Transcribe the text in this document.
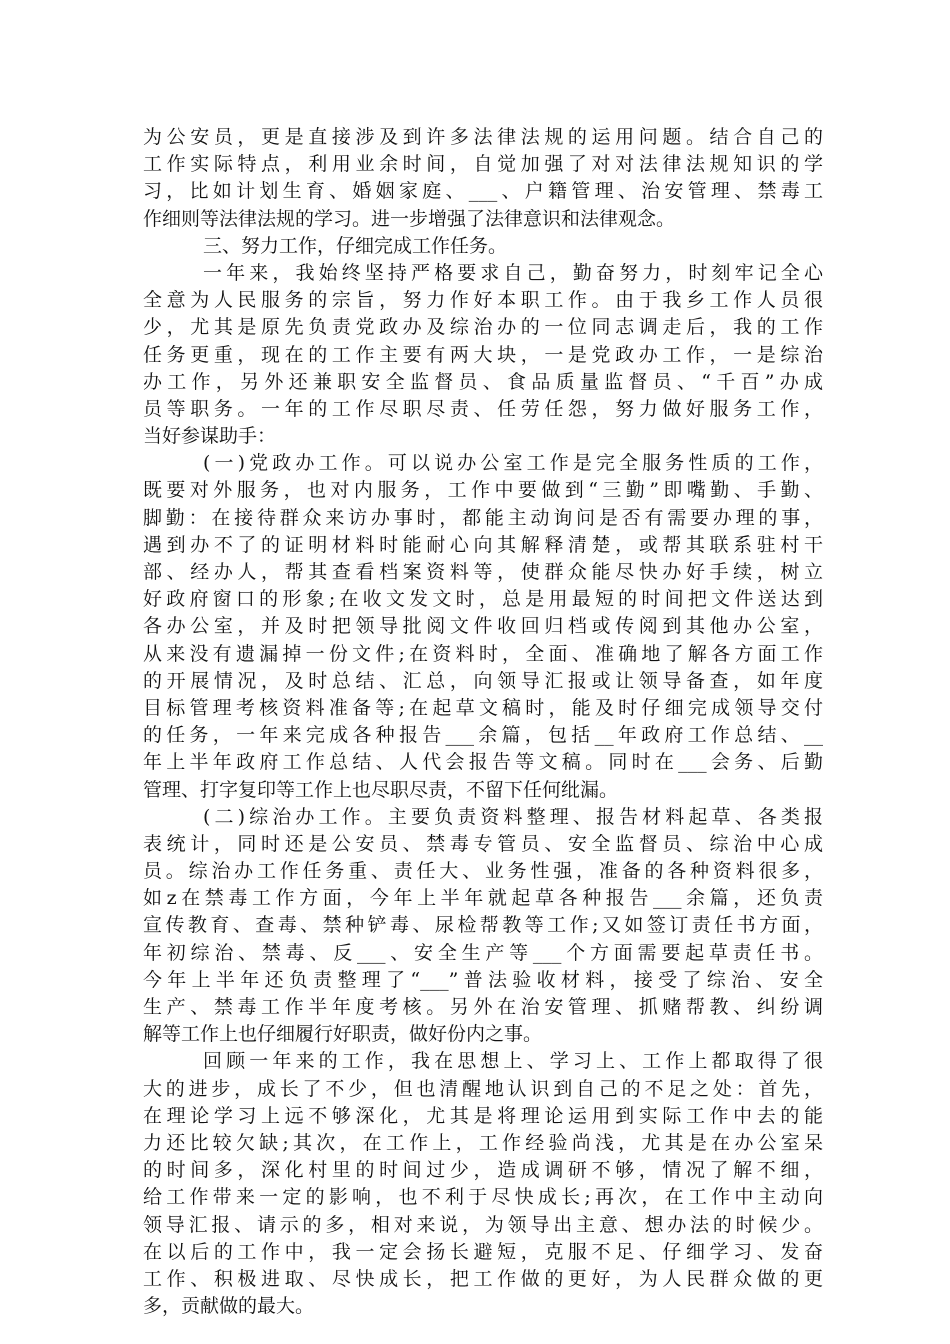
为公安员，更是直接涉及到许多法律法规的运用问题。结合自己的
工作实际特点，利用业余时间，自觉加强了对对法律法规知识的学
习，比如计划生育、婚姻家庭、___、户籍管理、治安管理、禁毒工
作细则等法律法规的学习。进一步增强了法律意识和法律观念。
三、努力工作，仔细完成工作任务。
一年来，我始终坚持严格要求自己，勤奋努力，时刻牢记全心
全意为人民服务的宗旨，努力作好本职工作。由于我乡工作人员很
少，尤其是原先负责党政办及综治办的一位同志调走后，我的工作
任务更重，现在的工作主要有两大块，一是党政办工作，一是综治
办工作，另外还兼职安全监督员、食品质量监督员、“千百”办成
员等职务。一年的工作尽职尽责、任劳任怨，努力做好服务工作，
当好参谋助手：
(一)党政办工作。可以说办公室工作是完全服务性质的工作，
既要对外服务，也对内服务，工作中要做到“三勤”即嘴勤、手勤、
脚勤：在接待群众来访办事时，都能主动询问是否有需要办理的事，
遇到办不了的证明材料时能耐心向其解释清楚，或帮其联系驻村干
部、经办人，帮其查看档案资料等，使群众能尽快办好手续，树立
好政府窗口的形象;在收文发文时，总是用最短的时间把文件送达到
各办公室，并及时把领导批阅文件收回归档或传阅到其他办公室，
从来没有遗漏掉一份文件;在资料时，全面、准确地了解各方面工作
的开展情况，及时总结、汇总，向领导汇报或让领导备查，如年度
目标管理考核资料准备等;在起草文稿时，能及时仔细完成领导交付
的任务，一年来完成各种报告___余篇，包括__年政府工作总结、__
年上半年政府工作总结、人代会报告等文稿。同时在___会务、后勤
管理、打字复印等工作上也尽职尽责，不留下任何纰漏。
(二)综治办工作。主要负责资料整理、报告材料起草、各类报
表统计，同时还是公安员、禁毒专管员、安全监督员、综治中心成
员。综治办工作任务重、责任大、业务性强，准备的各种资料很多，
如z在禁毒工作方面，今年上半年就起草各种报告___余篇，还负责
宣传教育、查毒、禁种铲毒、尿检帮教等工作;又如签订责任书方面，
年初综治、禁毒、反___、安全生产等___个方面需要起草责任书。
今年上半年还负责整理了“___”普法验收材料，接受了综治、安全
生产、禁毒工作半年度考核。另外在治安管理、抓赌帮教、纠纷调
解等工作上也仔细履行好职责，做好份内之事。
回顾一年来的工作，我在思想上、学习上、工作上都取得了很
大的进步，成长了不少，但也清醒地认识到自己的不足之处：首先，
在理论学习上远不够深化，尤其是将理论运用到实际工作中去的能
力还比较欠缺;其次，在工作上，工作经验尚浅，尤其是在办公室呆
的时间多，深化村里的时间过少，造成调研不够，情况了解不细，
给工作带来一定的影响，也不利于尽快成长;再次，在工作中主动向
领导汇报、请示的多，相对来说，为领导出主意、想办法的时候少。
在以后的工作中，我一定会扬长避短，克服不足、仔细学习、发奋
工作、积极进取、尽快成长，把工作做的更好，为人民群众做的更
多，贡献做的最大。
